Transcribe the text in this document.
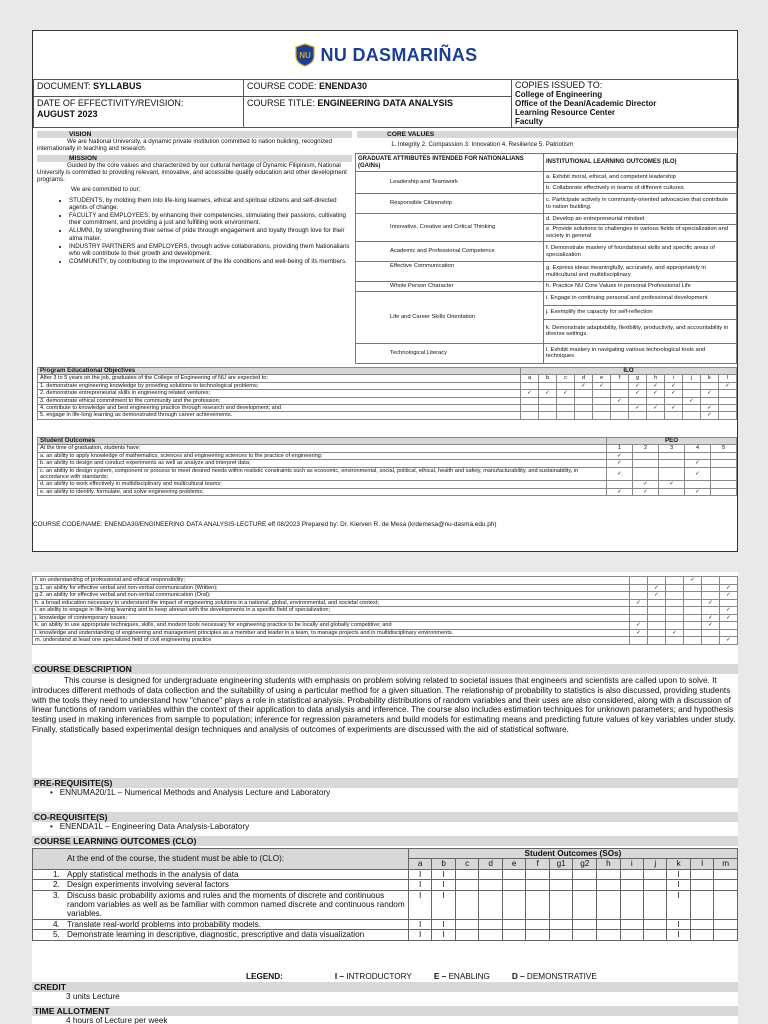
NU NU DASMARIÑAS
DOCUMENT: SYLLABUS	COURSE CODE: ENENDA30	COPIES ISSUED TO:
College of Engineering
Office of the Dean/Academic Director
Learning Resource Center
Faculty

DATE OF EFFECTIVITY/REVISION:
AUGUST 2023	COURSE TITLE: ENGINEERING DATA ANALYSIS	
VISION

We are National University, a dynamic private institution committed to nation building, recognized internationally in teaching and research.

MISSION

Guided by the core values and characterized by our cultural heritage of Dynamic Filipinism, National University is committed to providing relevant, innovative, and accessible quality education and other development programs.

We are committed to our:
• STUDENTS, by molding them into life-long learners, ethical and spiritual citizens and self-directed agents of change.
• FACULTY and EMPLOYEES, by enhancing their competencies, stimulating their passions, cultivating their commitment, and providing a just and fulfilling work environment.
• ALUMNI, by strengthening their sense of pride through engagement and loyalty through love for their alma mater.
• INDUSTRY PARTNERS and EMPLOYERS, through active collaborations, providing them Nationalians who will contribute to their growth and development.
• COMMUNITY, by contributing to the improvement of the life conditions and well-being of its members.
CORE VALUES
1. Integrity 2. Compassion 3. Innovation 4. Resilience 5. Patriotism
GRADUATE ATTRIBUTES INTENDED FOR NATIONALIANS (GAINs)	INSTITUTIONAL LEARNING OUTCOMES (ILO)
Leadership and Teamwork	a. Exhibit moral, ethical, and competent leadership
	b. Collaborate effectively in teams of different cultures.
Responsible Citizenship	c. Participate actively in community-oriented advocacies that contribute to nation building.
Innovative, Creative and Critical Thinking	d. Develop an entrepreneurial mindset
	e. Provide solutions to challenges in various fields of specialization and society in general
Academic and Professional Competence	f. Demonstrate mastery of foundational skills and specific areas of specialization
Effective Communication	g. Express ideas meaningfully, accurately, and appropriately in multicultural and multidisciplinary
Whole Person Character	h. Practice NU Core Values in personal Professional Life
Life and Career Skills Orientation	i. Engage in continuing personal and professional development
	j. Exemplify the capacity for self-reflection
	k. Demonstrate adaptability, flexibility, productivity, and accountability in diverse settings.
Technological Literacy	l. Exhibit mastery in navigating various technological tools and techniques
Program Educational Objectives	ILO											
After 3 to 5 years on the job, graduates of the College of Engineering of NU are expected to:	a	b	c	d	e	f	g	h	i	j	k	l
1. demonstrate engineering knowledge by providing solutions to technological problems;				✓	✓		✓	✓	✓			✓
2. demonstrate entrepreneurial skills in engineering related ventures;	✓	✓	✓				✓	✓	✓		✓	
3. demonstrate ethical commitment to the community and the profession;						✓				✓		
4. contribute to knowledge and best engineering practice through research and development; and							✓	✓	✓		✓	
5. engage in life-long learning as demonstrated through career achievements.											✓	
Student Outcomes	PEO				
At the time of graduation, students have:	1	2	3	4	5
a. an ability to apply knowledge of mathematics, sciences and engineering sciences to the practice of engineering;	✓				
b. an ability to design and conduct experiments as well as analyze and interpret data;	✓			✓	
c. an ability to design system, component or process to meet desired needs within realistic constraints such as economic, environmental, social, political, ethical, health and safety, manufacturability, and sustainability, in accordance with standards;	✓			✓	
d. an ability to work effectively in multidisciplinary and multicultural teams;		✓	✓		
e. an ability to identify, formulate, and solve engineering problems;	✓	✓		✓	
COURSE CODE/NAME: ENENDA30/ENGINEERING DATA ANALYSIS-LECTURE eff 08/2023 Prepared by: Dr. Kierven R. de Mesa (krdemesa@nu-dasma.edu.ph)
f. an understanding of professional and ethical responsibility;				✓		
g.1. an ability for effective verbal and non-verbal communication (Written);		✓				✓
g.2. an ability for effective verbal and non-verbal communication (Oral);		✓				✓
h. a broad education necessary to understand the impact of engineering solutions in a national, global, environmental, and societal context;	✓				✓	
i. an ability to engage in life-long learning and to keep abreast with the developments in a specific field of specialization;						✓
j. knowledge of contemporary issues;					✓	✓
k. an ability to use appropriate techniques, skills, and modern tools necessary for engineering practice to be locally and globally competitive; and	✓				✓	
l. knowledge and understanding of engineering and management principles as a member and leader in a team, to manage projects and in multidisciplinary environments.	✓		✓			
m. understand at least one specialized field of civil engineering practice						✓
COURSE DESCRIPTION

This course is designed for undergraduate engineering students with emphasis on problem solving related to societal issues that engineers and scientists are called upon to solve. It introduces different methods of data collection and the suitability of using a particular method for a given situation. The relationship of probability to statistics is also discussed, providing students with the tools they need to understand how "chance" plays a role in statistical analysis. Probability distributions of random variables and their uses are also considered, along with a discussion of linear functions of random variables within the context of their application to data analysis and inference. The course also includes estimation techniques for unknown parameters; and hypothesis testing used in making inferences from sample to population; inference for regression parameters and build models for estimating means and predicting future values of key variables under study. Finally, statistically based experimental design techniques and analysis of outcomes of experiments are discussed with the aid of statistical software.

PRE-REQUISITE(S)
•   ENNUMA20/1L – Numerical Methods and Analysis Lecture and Laboratory
CO-REQUISITE(S)
•   ENENDA1L – Engineering Data Analysis-Laboratory
COURSE LEARNING OUTCOMES (CLO)
At the end of the course, the student must be able to (CLO):	Student Outcomes (SOs)													
	a	b	c	d	e	f	g1	g2	h	i	j	k	l	m

1. Apply statistical methods in the analysis of data	I	I										I		

2. Design experiments involving several factors	I	I										I		

3. Discuss basic probability axioms and rules and the moments of discrete and continuous random variables as well as be familiar with common named discrete and continuous random variables.	I	I										I		

4. Translate real-world problems into probability models.	I	I										I		

5. Demonstrate learning in descriptive, diagnostic, prescriptive and data visualization	I	I										I		
LEGEND:	I – INTRODUCTORY	E – ENABLING	D – DEMONSTRATIVE
CREDIT
3 units Lecture
TIME ALLOTMENT
4 hours of Lecture per week
